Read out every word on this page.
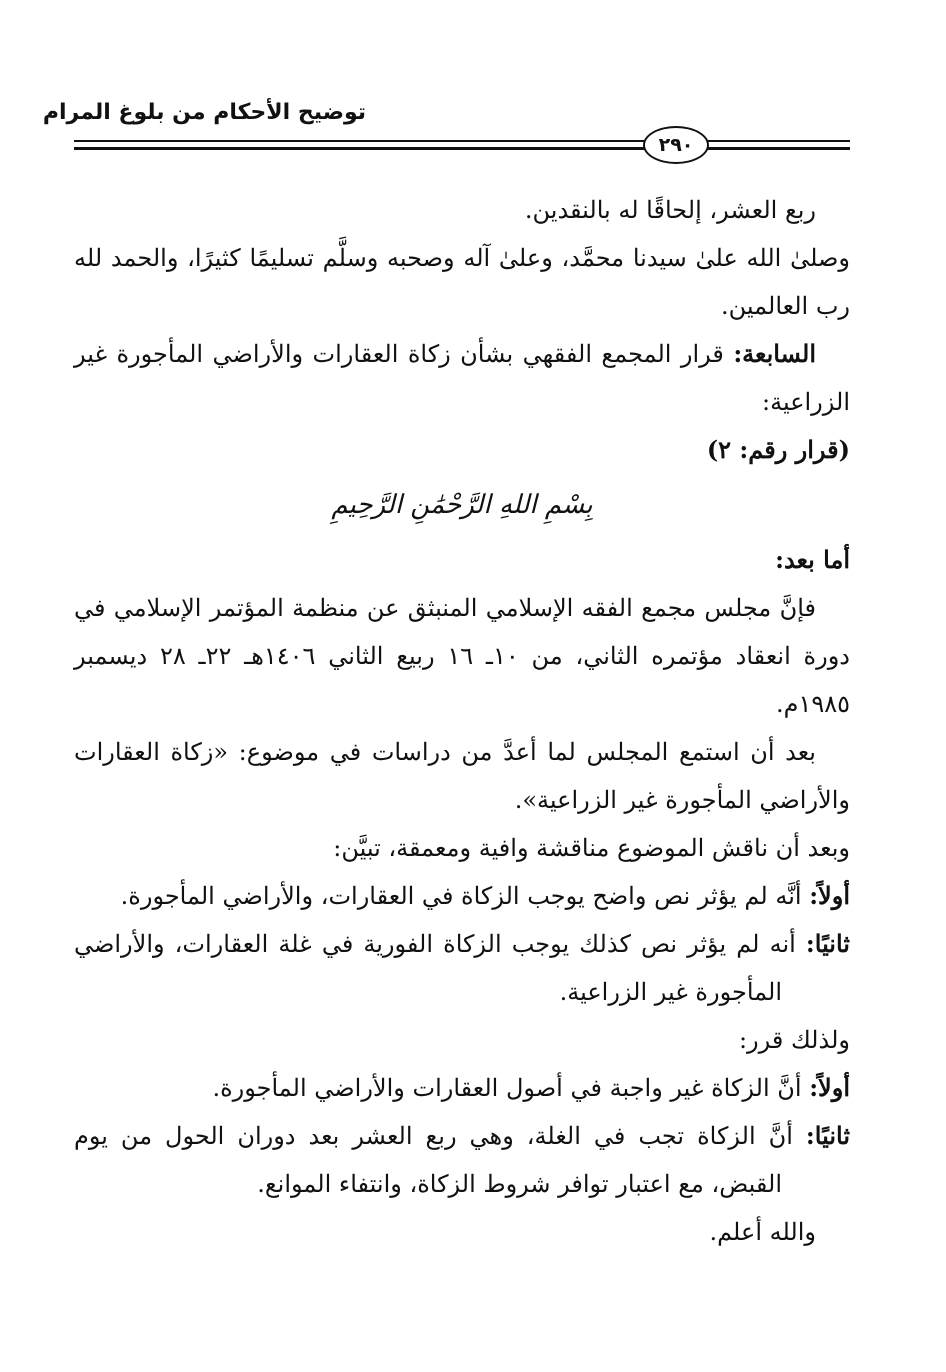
توضيح الأحكام من بلوغ المرام
٢٩٠

ربع العشر، إلحاقًا له بالنقدين.

وصلىٰ الله علىٰ سيدنا محمَّد، وعلىٰ آله وصحبه وسلَّم تسليمًا كثيرًا، والحمد لله رب العالمين.

السابعة: قرار المجمع الفقهي بشأن زكاة العقارات والأراضي المأجورة غير الزراعية:

(قرار رقم: ٢)

بِسْمِ اللهِ الرَّحْمَٰنِ الرَّحِيمِ

أما بعد:

فإنَّ مجلس مجمع الفقه الإسلامي المنبثق عن منظمة المؤتمر الإسلامي في دورة انعقاد مؤتمره الثاني، من ١٠ـ ١٦ ربيع الثاني ١٤٠٦هـ ٢٢ـ ٢٨ ديسمبر ١٩٨٥م.

بعد أن استمع المجلس لما أعدَّ من دراسات في موضوع: «زكاة العقارات والأراضي المأجورة غير الزراعية».

وبعد أن ناقش الموضوع مناقشة وافية ومعمقة، تبيَّن:

أولاً: أنَّه لم يؤثر نص واضح يوجب الزكاة في العقارات، والأراضي المأجورة.

ثانيًا: أنه لم يؤثر نص كذلك يوجب الزكاة الفورية في غلة العقارات، والأراضي المأجورة غير الزراعية.

ولذلك قرر:

أولاً: أنَّ الزكاة غير واجبة في أصول العقارات والأراضي المأجورة.

ثانيًا: أنَّ الزكاة تجب في الغلة، وهي ربع العشر بعد دوران الحول من يوم القبض، مع اعتبار توافر شروط الزكاة، وانتفاء الموانع.

والله أعلم.
